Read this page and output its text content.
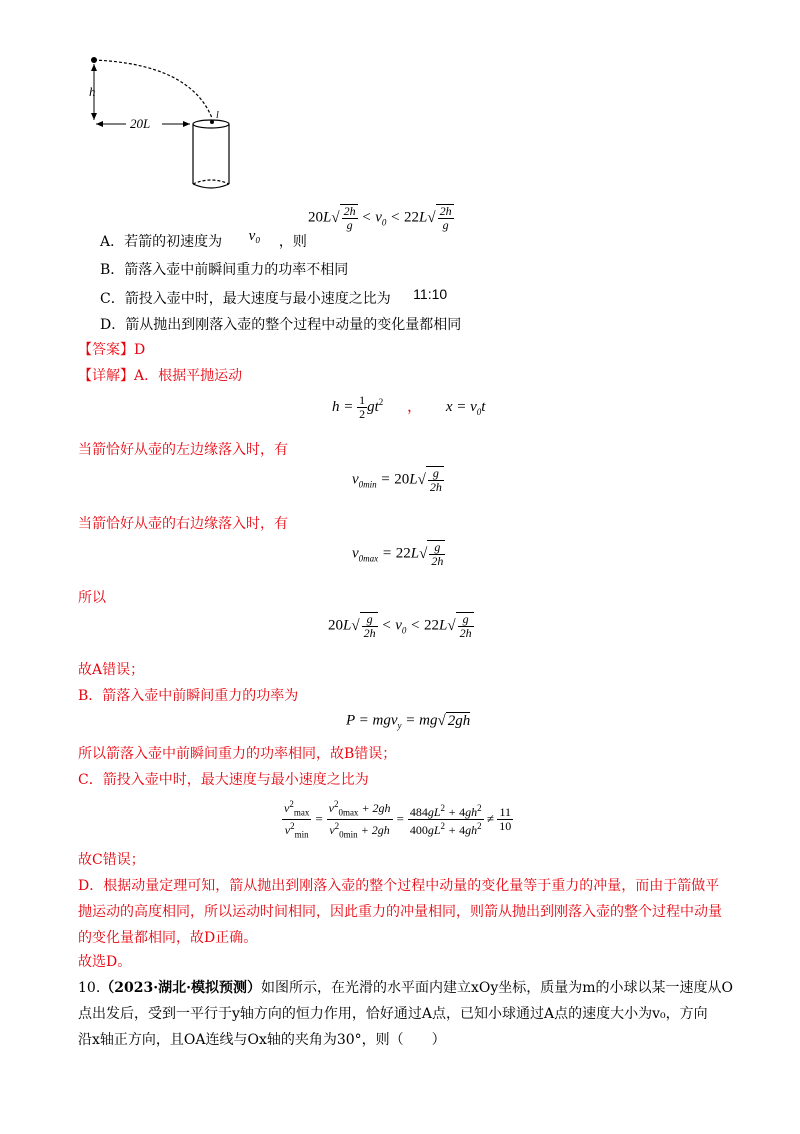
h
20L
l
A．若箭的初速度为 v₀ ，则
$20L√ \frac{2h}{g} < v_0 < 22L√ \frac{2h}{g}$
B．箭落入壶中前瞬间重力的功率不相同
C．箭投入壶中时，最大速度与最小速度之比为 11:10
D．箭从抛出到刚落入壶的整个过程中动量的变化量都相同
【答案】D
【详解】A．根据平抛运动
$h = \frac{1}{2} gt^2$ ， $x = v_0t$
当箭恰好从壶的左边缘落入时，有
$v_{0min} = 20L√ \frac{g}{2h}$
当箭恰好从壶的右边缘落入时，有
$v_{0max} = 22L√ \frac{g}{2h}$
所以
$20L√ \frac{g}{2h} < v_0 < 22L√ \frac{g}{2h}$
故A错误；
B．箭落入壶中前瞬间重力的功率为
P = mgv$_y$ = mg√ 2gh
所以箭落入壶中前瞬间重力的功率相同，故B错误；
C．箭投入壶中时，最大速度与最小速度之比为
$\frac{v^2_{max}}{v^2_{min}} = \frac{v^2_{0max} + 2gh}{v^2_{0min} + 2gh} = \frac{484gL^2 + 4gh^2}{400gL^2 + 4gh^2} \ne \frac{11}{10}$
故C错误；
D．根据动量定理可知，箭从抛出到刚落入壶的整个过程中动量的变化量等于重力的冲量，而由于箭做平
抛运动的高度相同，所以运动时间相同，因此重力的冲量相同，则箭从抛出到刚落入壶的整个过程中动量
的变化量都相同，故D正确。
故选D。
10.（2023·湖北·模拟预测）如图所示，在光滑的水平面内建立xOy坐标，质量为m的小球以某一速度从O
点出发后，受到一平行于y轴方向的恒力作用，恰好通过A点，已知小球通过A点的速度大小为v₀，方向
沿x轴正方向，且OA连线与Ox轴的夹角为30°，则（　　）
